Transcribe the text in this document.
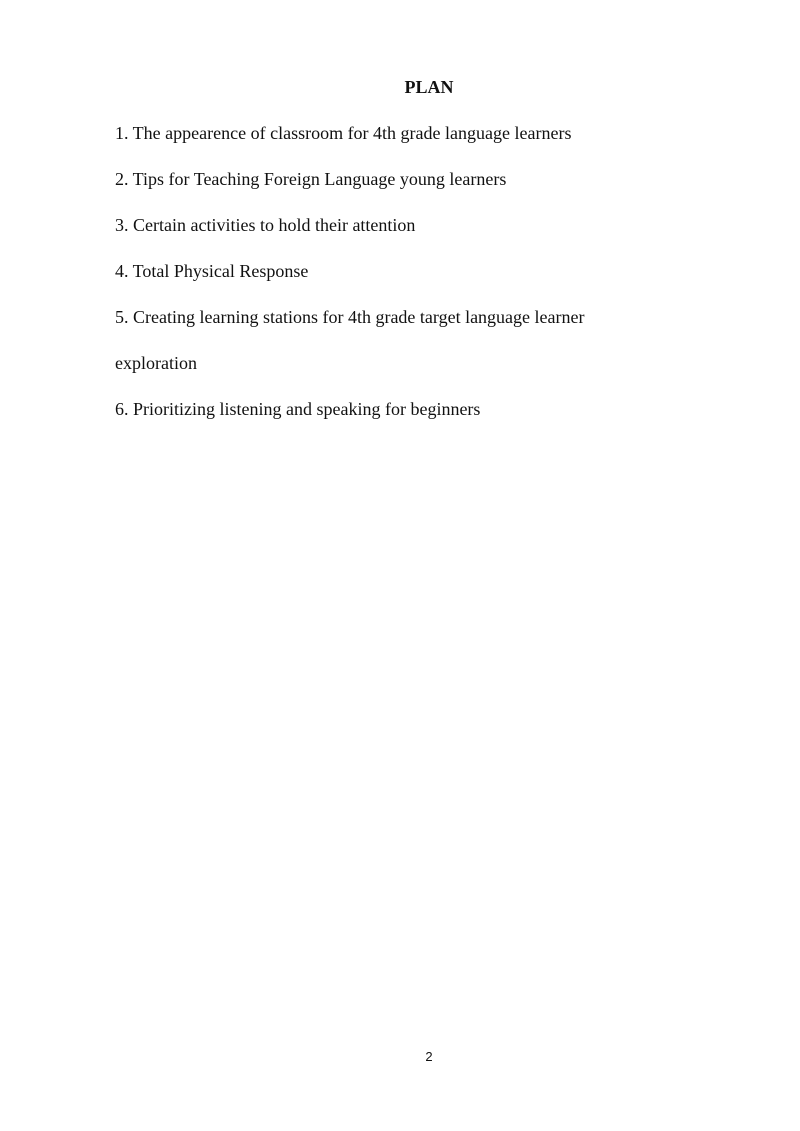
PLAN
1. The appearence of classroom for 4th grade language learners
2. Tips for Teaching Foreign Language young learners
3. Certain activities to hold their attention
4. Total Physical Response
5. Creating learning stations for 4th grade target language learner
exploration
6. Prioritizing listening and speaking for beginners

2
